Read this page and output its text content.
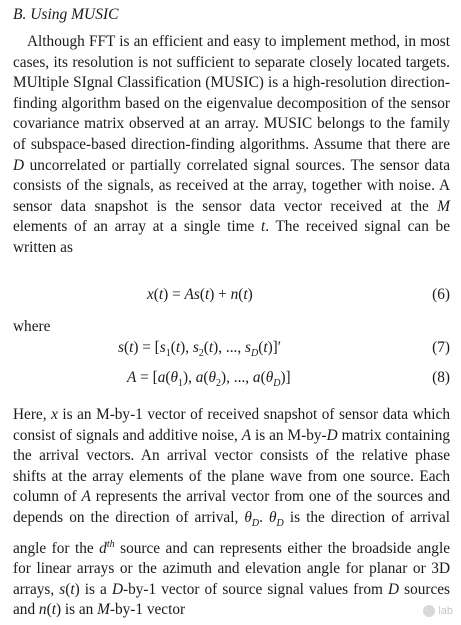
B. Using MUSIC

Although FFT is an efficient and easy to implement method, in most cases, its resolution is not sufficient to separate closely located targets. MUltiple SIgnal Classification (MUSIC) is a high-resolution direction-finding algorithm based on the eigenvalue decomposition of the sensor covariance matrix observed at an array. MUSIC belongs to the family of subspace-based direction-finding algorithms. Assume that there are D uncorrelated or partially correlated signal sources. The sensor data consists of the signals, as received at the array, together with noise. A sensor data snapshot is the sensor data vector received at the M elements of an array at a single time t. The received signal can be written as

x(t) = As(t) + n(t)	(6)
where
$s(t) = [s_1(t)$, $s_2(t)$, ..., $s_D(t)]'$	(7)
$A = [a(\theta_1)$, $a(\theta_2)$, ..., $a(\theta_D)$]	(8)

Here, x is an M-by-1 vector of received snapshot of sensor data which consist of signals and additive noise, A is an M-by-D matrix containing the arrival vectors. An arrival vector consists of the relative phase shifts at the array elements of the plane wave from one source. Each column of A represents the arrival vector from one of the sources and depends on the direction of arrival, $\theta_D$. $\theta_D$ is the direction of arrival angle for the $d^{th}$ source and can represents either the broadside angle for linear arrays or the azimuth and elevation angle for planar or 3D arrays, s(t) is a D-by-1 vector of source signal values from D sources and n(t) is an M-by-1 vector	lab
